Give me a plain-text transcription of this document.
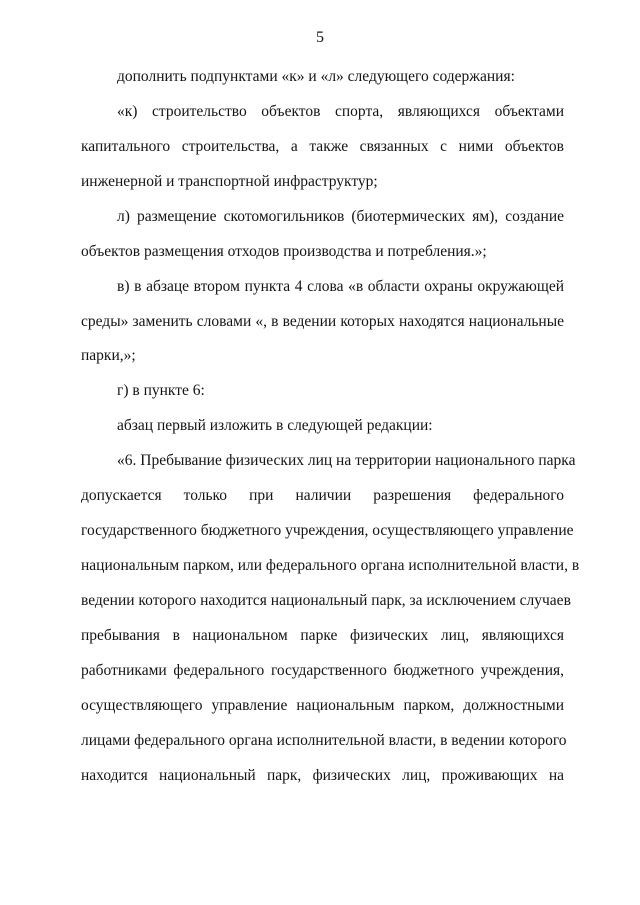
5
дополнить подпунктами «к» и «л» следующего содержания:
«к) строительство объектов спорта, являющихся объектами
капитального строительства, а также связанных с ними объектов
инженерной и транспортной инфраструктур;
л) размещение скотомогильников (биотермических ям), создание
объектов размещения отходов производства и потребления.»;
в) в абзаце втором пункта 4 слова «в области охраны окружающей
среды» заменить словами «, в ведении которых находятся национальные
парки,»;
г) в пункте 6:
абзац первый изложить в следующей редакции:
«6. Пребывание физических лиц на территории национального парка
допускается только при наличии разрешения федерального
государственного бюджетного учреждения, осуществляющего управление
национальным парком, или федерального органа исполнительной власти, в
ведении которого находится национальный парк, за исключением случаев
пребывания в национальном парке физических лиц, являющихся
работниками федерального государственного бюджетного учреждения,
осуществляющего управление национальным парком, должностными
лицами федерального органа исполнительной власти, в ведении которого
находится национальный парк, физических лиц, проживающих на
